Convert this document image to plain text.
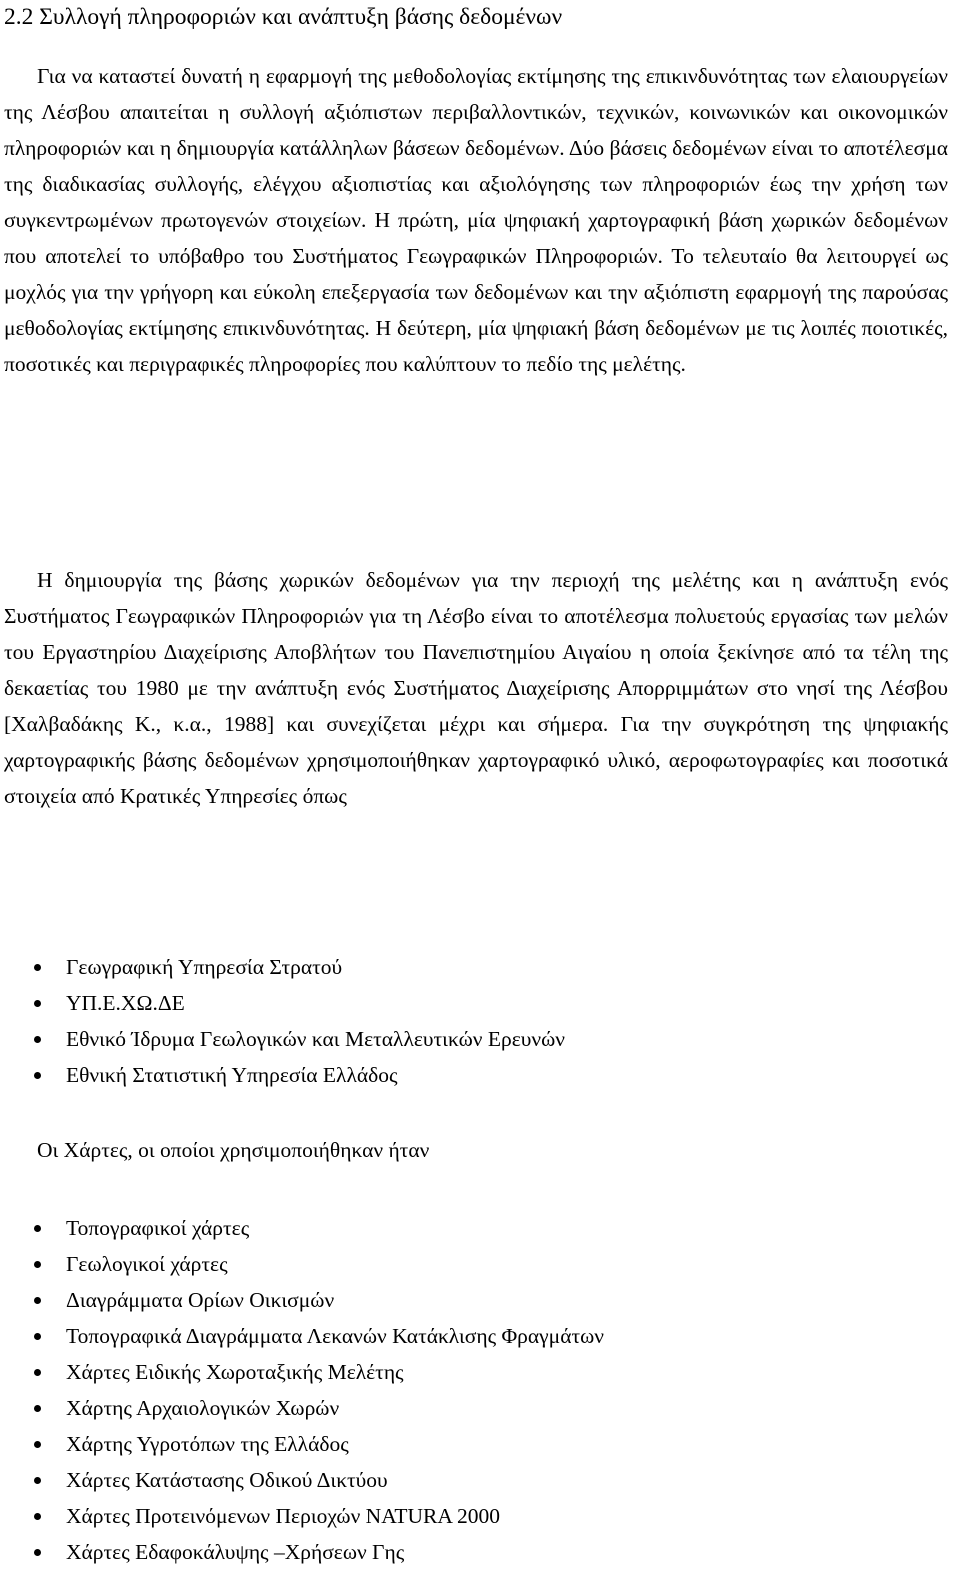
2.2 Συλλογή πληροφοριών και ανάπτυξη βάσης δεδομένων

Για να καταστεί δυνατή η εφαρμογή της μεθοδολογίας εκτίμησης της επικινδυνότητας των ελαιουργείων της Λέσβου απαιτείται η συλλογή αξιόπιστων περιβαλλοντικών, τεχνικών, κοινωνικών και οικονομικών πληροφοριών και η δημιουργία κατάλληλων βάσεων δεδομένων. Δύο βάσεις δεδομένων είναι το αποτέλεσμα της διαδικασίας συλλογής, ελέγχου αξιοπιστίας και αξιολόγησης των πληροφοριών έως την χρήση των συγκεντρωμένων πρωτογενών στοιχείων. Η πρώτη, μία ψηφιακή χαρτογραφική βάση χωρικών δεδομένων που αποτελεί το υπόβαθρο του Συστήματος Γεωγραφικών Πληροφοριών. Το τελευταίο θα λειτουργεί ως μοχλός για την γρήγορη και εύκολη επεξεργασία των δεδομένων και την αξιόπιστη εφαρμογή της παρούσας μεθοδολογίας εκτίμησης επικινδυνότητας. Η δεύτερη, μία ψηφιακή βάση δεδομένων με τις λοιπές ποιοτικές, ποσοτικές και περιγραφικές πληροφορίες που καλύπτουν το πεδίο της μελέτης.

Η δημιουργία της βάσης χωρικών δεδομένων για την περιοχή της μελέτης και η ανάπτυξη ενός Συστήματος Γεωγραφικών Πληροφοριών για τη Λέσβο είναι το αποτέλεσμα πολυετούς εργασίας των μελών του Εργαστηρίου Διαχείρισης Αποβλήτων του Πανεπιστημίου Αιγαίου η οποία ξεκίνησε από τα τέλη της δεκαετίας του 1980 με την ανάπτυξη ενός Συστήματος Διαχείρισης Απορριμμάτων στο νησί της Λέσβου [Χαλβαδάκης Κ., κ.α., 1988] και συνεχίζεται μέχρι και σήμερα. Για την συγκρότηση της ψηφιακής χαρτογραφικής βάσης δεδομένων χρησιμοποιήθηκαν χαρτογραφικό υλικό, αεροφωτογραφίες και ποσοτικά στοιχεία από Κρατικές Υπηρεσίες όπως

Γεωγραφική Υπηρεσία Στρατού
ΥΠ.Ε.ΧΩ.ΔΕ
Εθνικό Ίδρυμα Γεωλογικών και Μεταλλευτικών Ερευνών
Εθνική Στατιστική Υπηρεσία Ελλάδος

Οι Χάρτες, οι οποίοι χρησιμοποιήθηκαν ήταν

Τοπογραφικοί χάρτες
Γεωλογικοί χάρτες
Διαγράμματα Ορίων Οικισμών
Τοπογραφικά Διαγράμματα Λεκανών Κατάκλισης Φραγμάτων
Χάρτες Ειδικής Χωροταξικής Μελέτης
Χάρτης Αρχαιολογικών Χωρών
Χάρτης Υγροτόπων της Ελλάδος
Χάρτες Κατάστασης Οδικού Δικτύου
Χάρτες Προτεινόμενων Περιοχών NATURA 2000
Χάρτες Εδαφοκάλυψης –Χρήσεων Γης
